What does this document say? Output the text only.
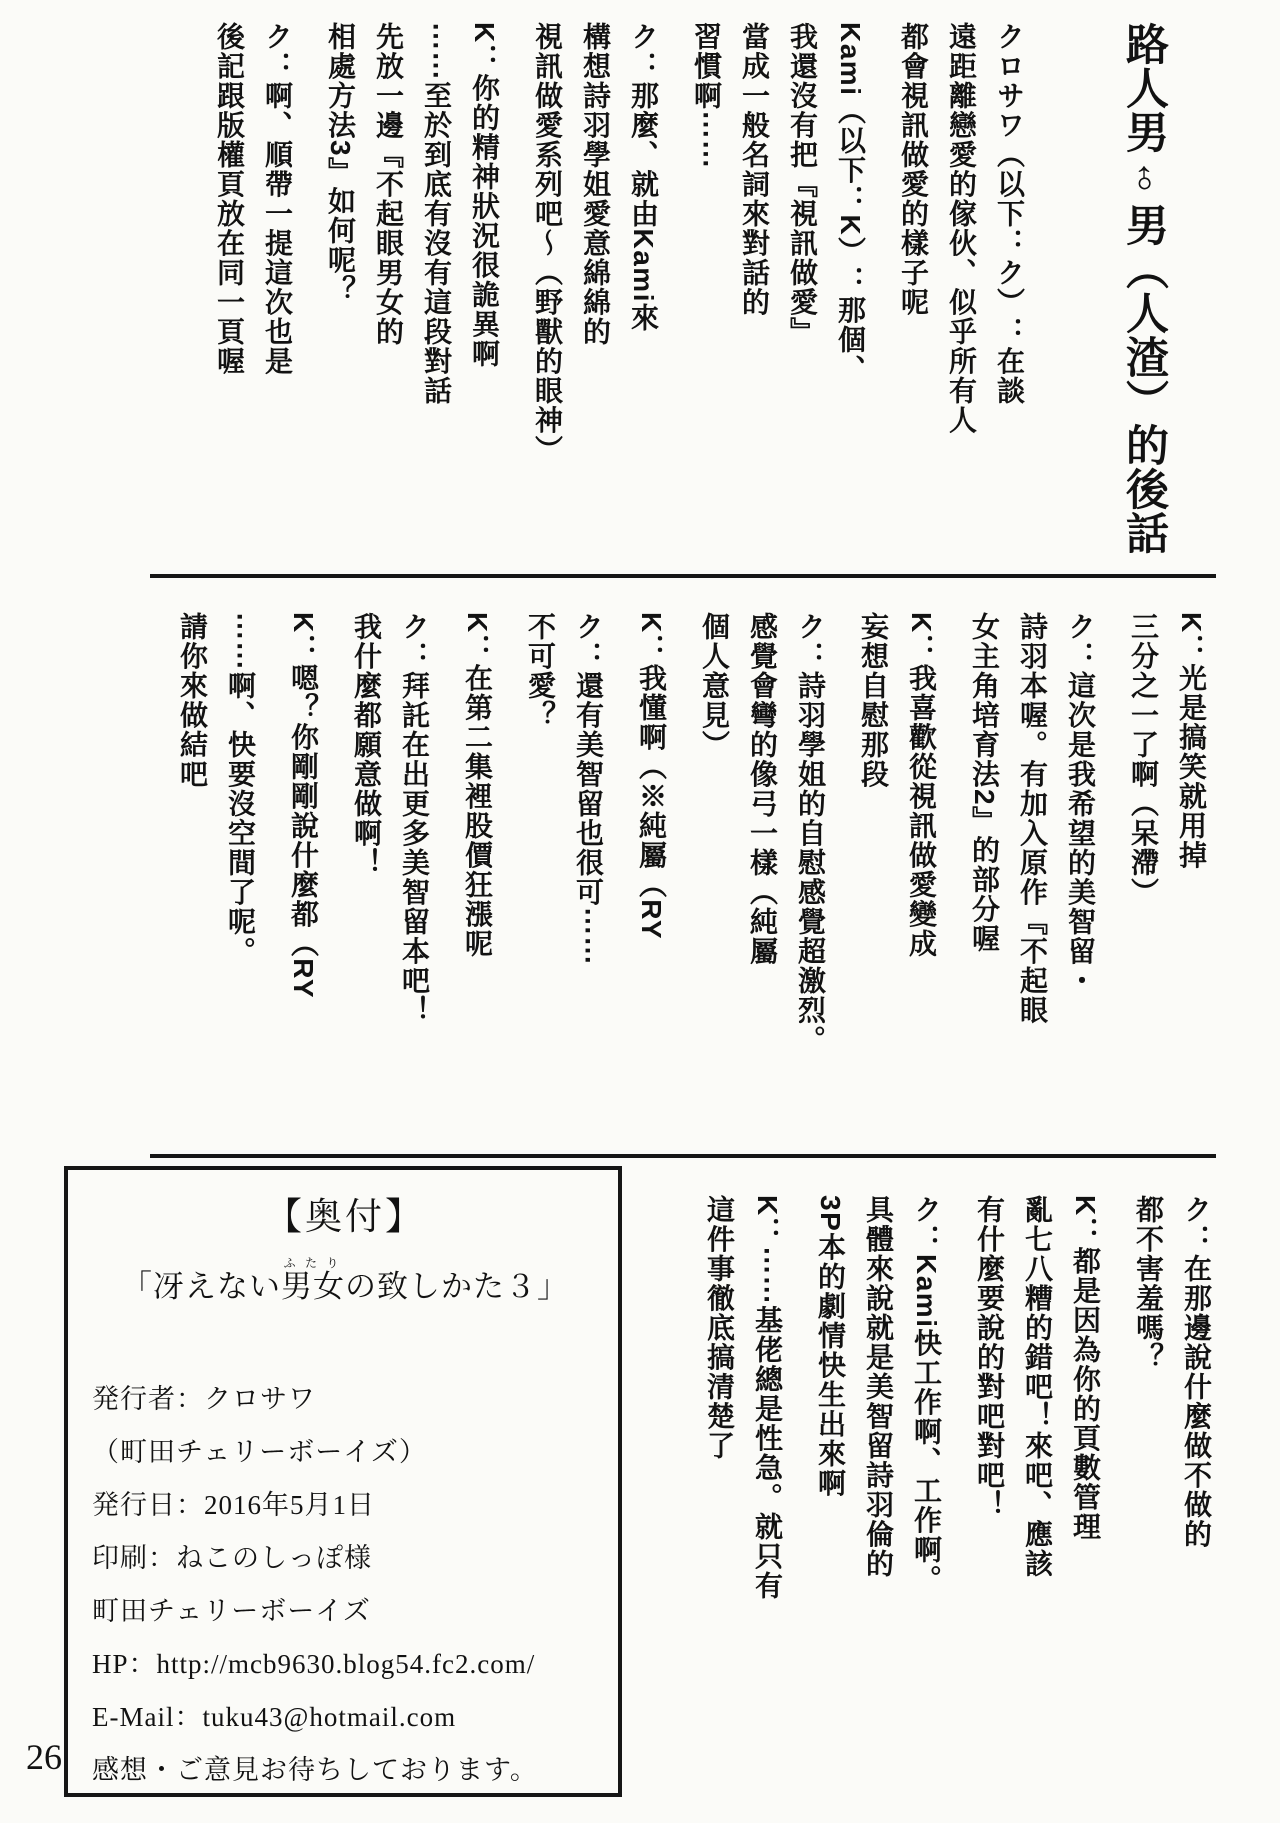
路人男♂男（人渣）的後話
クロサワ（以下：ク）：在談
遠距離戀愛的傢伙、似乎所有人
都會視訊做愛的樣子呢
Kami（以下：K）：那個、
我還沒有把『視訊做愛』
當成一般名詞來對話的
習慣啊⋯⋯
ク：那麼、就由Kami來
構想詩羽學姐愛意綿綿的
視訊做愛系列吧〜（野獸的眼神）
K：你的精神狀況很詭異啊
⋯⋯至於到底有沒有這段對話
先放一邊『不起眼男女的
相處方法3』如何呢？
ク：啊、順帶一提這次也是
後記跟版權頁放在同一頁喔
K：光是搞笑就用掉
三分之一了啊（呆滯）
ク：這次是我希望的美智留・
詩羽本喔。有加入原作『不起眼
女主角培育法2』的部分喔
K：我喜歡從視訊做愛變成
妄想自慰那段
ク：詩羽學姐的自慰感覺超激烈。
感覺會彎的像弓一樣（純屬
個人意見）
K：我懂啊（※純屬（RY
ク：還有美智留也很可⋯⋯
不可愛？
K：在第二集裡股價狂漲呢
ク：拜託在出更多美智留本吧！
我什麼都願意做啊！
K：嗯？你剛剛說什麼都（RY
⋯⋯啊、快要沒空間了呢。
請你來做結吧
ク：在那邊說什麼做不做的
都不害羞嗎？
K：都是因為你的頁數管理
亂七八糟的錯吧！來吧、應該
有什麼要說的對吧對吧！
ク：Kami快工作啊、工作啊。
具體來說就是美智留詩羽倫的
3P本的劇情快生出來啊
K：⋯⋯基佬總是性急。就只有
這件事徹底搞清楚了
【奥付】
「冴えない男女ふたりの致しかた３」
発行者：クロサワ
（町田チェリーボーイズ）
発行日：2016年5月1日
印刷：ねこのしっぽ様
町田チェリーボーイズ
HP：http://mcb9630.blog54.fc2.com/
E-Mail：tuku43@hotmail.com
感想・ご意見お待ちしております。
26
